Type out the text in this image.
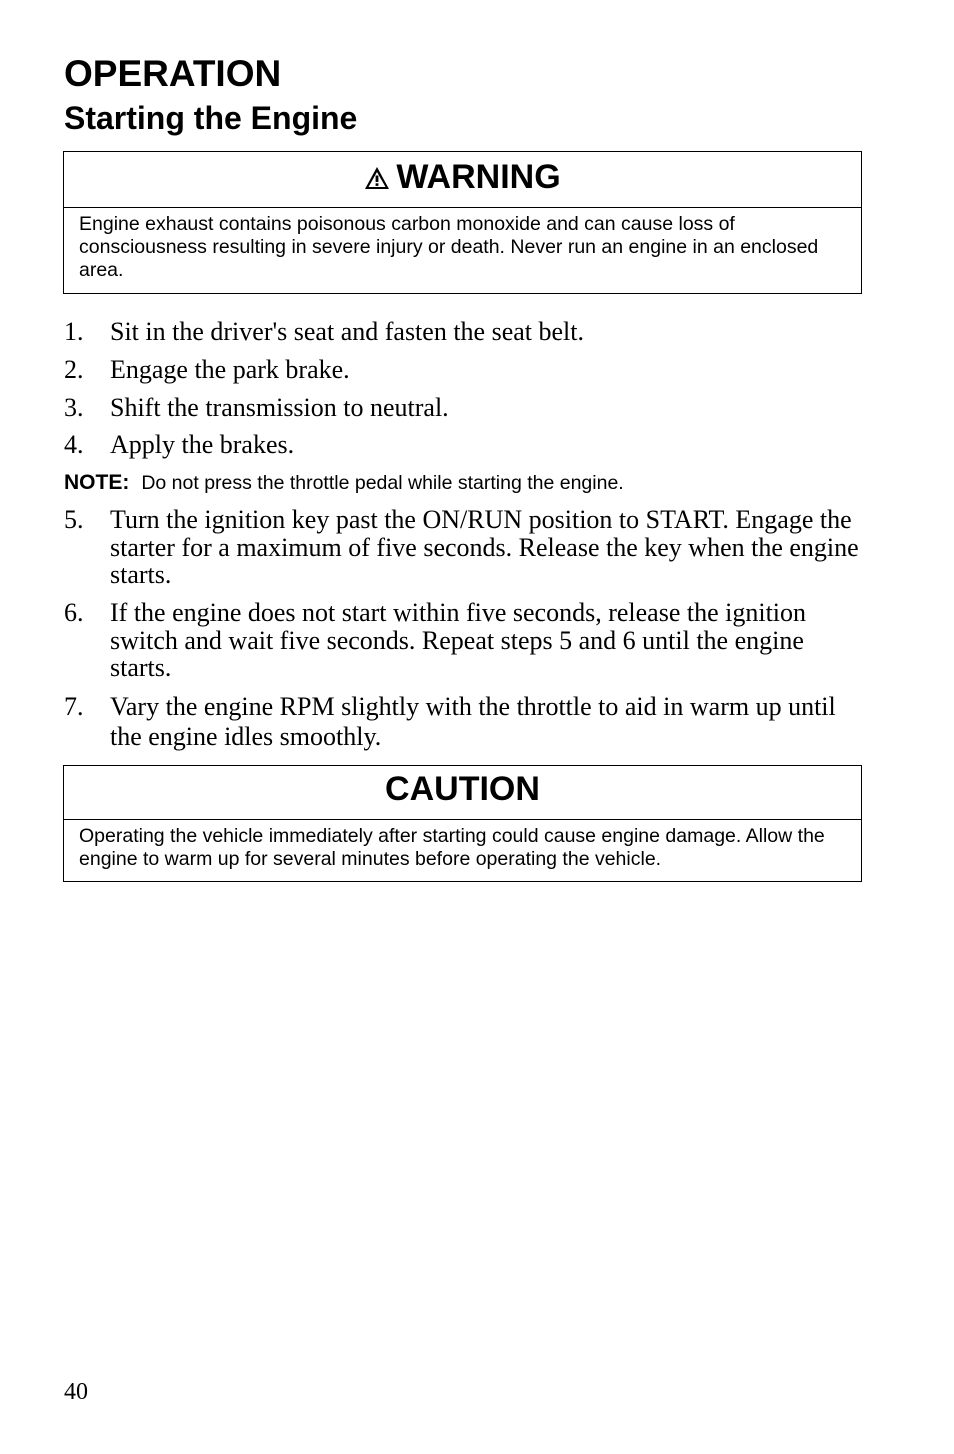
OPERATION
Starting the Engine
WARNING
Engine exhaust contains poisonous carbon monoxide and can cause loss of consciousness resulting in severe injury or death. Never run an engine in an enclosed area.
1. Sit in the driver's seat and fasten the seat belt.
2. Engage the park brake.
3. Shift the transmission to neutral.
4. Apply the brakes.
5. Turn the ignition key past the ON/RUN position to START. Engage the starter for a maximum of five seconds. Release the key when the engine starts.
6. If the engine does not start within five seconds, release the ignition switch and wait five seconds. Repeat steps 5 and 6 until the engine starts.
7. Vary the engine RPM slightly with the throttle to aid in warm up until the engine idles smoothly.
NOTE: Do not press the throttle pedal while starting the engine.
CAUTION
Operating the vehicle immediately after starting could cause engine damage. Allow the engine to warm up for several minutes before operating the vehicle.
40
